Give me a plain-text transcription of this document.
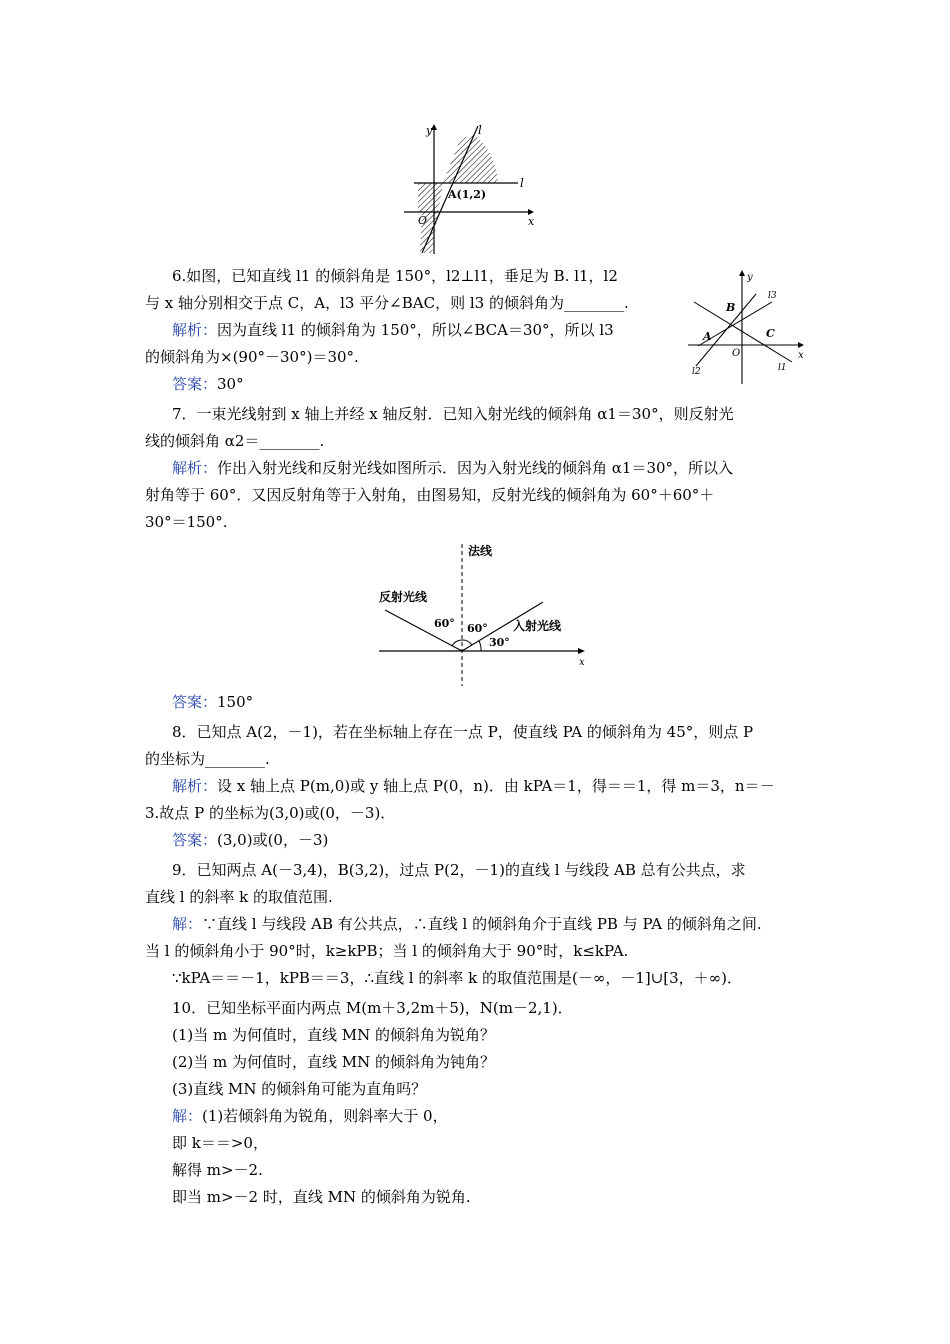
y
x
O
l
l
A(1,2)
y
x
O
A
B
C
l1
l2
l3
法线
反射光线
入射光线
60° 60°
30°
x
6.如图，已知直线 l1 的倾斜角是 150°，l2⊥l1，垂足为 B. l1，l2
与 x 轴分别相交于点 C，A，l3 平分∠BAC，则 l3 的倾斜角为________.
解析：因为直线 l1 的倾斜角为 150°，所以∠BCA＝30°，所以 l3
的倾斜角为×(90°－30°)＝30°.
答案：30°
7．一束光线射到 x 轴上并经 x 轴反射．已知入射光线的倾斜角 α1＝30°，则反射光
线的倾斜角 α2＝________.
解析：作出入射光线和反射光线如图所示．因为入射光线的倾斜角 α1＝30°，所以入
射角等于 60°．又因反射角等于入射角，由图易知，反射光线的倾斜角为 60°＋60°＋
30°＝150°.
答案：150°
8．已知点 A(2，－1)，若在坐标轴上存在一点 P，使直线 PA 的倾斜角为 45°，则点 P
的坐标为________.
解析：设 x 轴上点 P(m,0)或 y 轴上点 P(0，n)．由 kPA＝1，得＝＝1，得 m＝3，n＝－
3.故点 P 的坐标为(3,0)或(0，－3)．
答案：(3,0)或(0，－3)
9．已知两点 A(－3,4)，B(3,2)，过点 P(2，－1)的直线 l 与线段 AB 总有公共点，求
直线 l 的斜率 k 的取值范围.
解：∵直线 l 与线段 AB 有公共点，∴直线 l 的倾斜角介于直线 PB 与 PA 的倾斜角之间.
当 l 的倾斜角小于 90°时，k≥kPB；当 l 的倾斜角大于 90°时，k≤kPA.
∵kPA＝＝－1，kPB＝＝3，∴直线 l 的斜率 k 的取值范围是(－∞，－1]∪[3，＋∞)．
10．已知坐标平面内两点 M(m＋3,2m＋5)，N(m－2,1)．
(1)当 m 为何值时，直线 MN 的倾斜角为锐角？
(2)当 m 为何值时，直线 MN 的倾斜角为钝角？
(3)直线 MN 的倾斜角可能为直角吗？
解：(1)若倾斜角为锐角，则斜率大于 0，
即 k＝＝>0，
解得 m>－2.
即当 m>－2 时，直线 MN 的倾斜角为锐角.
